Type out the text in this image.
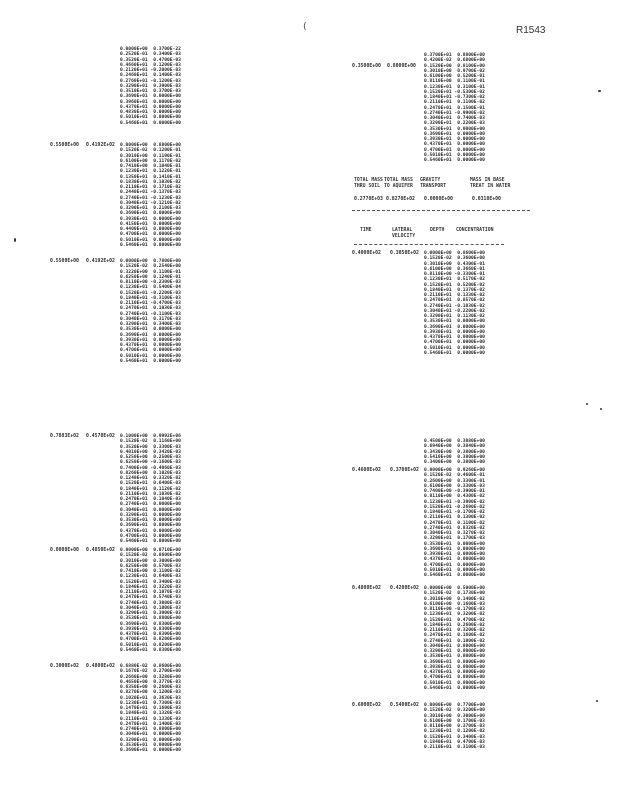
R1543
(
0.0000E+00  0.3700E-22
0.2520E-01  0.3400E-03
0.3520E-01  0.4700E-03
0.4660E+01  0.1200E-03
0.2120E+01 -0.2000E-03
0.2460E+01  0.1400E-03
0.2760E+01 -0.1200E-03
0.3290E+01  0.3900E-03
0.3510E+01  0.3700E-03
0.3690E+01  0.0000E+00
0.3960E+01  0.0000E+00
0.4370E+01  0.0000E+00
0.4830E+01  0.0000E+00
0.5010E+01  0.0000E+00
0.5460E+01  0.0000E+00
0.5500E+00 0.4192E+02 0.0000E+00  0.8800E+00
0.1520E-02  0.1200E-01
0.3010E+00  0.1190E-01
0.6100E+00  0.1170E-02
0.7410E+00  0.1040E-01
0.1230E+01  0.1220E-01
0.1350E+01  0.1410E-01
0.1830E+01  0.1030E-02
0.2110E+01  0.1710E-02
0.2440E+01 -0.1370E-03
0.2740E+01 -0.1230E-03
0.3040E+01 -0.1210E-02
0.3290E+01  0.2100E-03
0.3690E+01  0.0000E+00
0.3930E+01  0.0000E+00
0.4150E+01  0.0000E+00
0.4400E+01  0.0000E+00
0.4700E+01  0.0000E+00
0.5010E+01  0.0000E+00
0.5460E+01  0.0000E+00
0.5500E+00 0.4192E+02 0.0000E+00  0.7800E+00
0.1520E-02  0.2540E+00
0.3220E+00  0.1100E-01
0.6250E+00  0.1240E-01
0.8110E+00 -0.2300E-03
0.1230E+01  0.5400E-04
0.1520E+01 -0.2200E-03
0.1840E+01 -0.3100E-03
0.2110E+01 -0.4700E-03
0.2470E+01  0.1030E-03
0.2740E+01 -0.1100E-03
0.3040E+01  0.3170E-03
0.3290E+01  0.3400E-03
0.3530E+01  0.0000E+00
0.3690E+01  0.0000E+00
0.3930E+01  0.0000E+00
0.4370E+01  0.0000E+00
0.4700E+01  0.0000E+00
0.5010E+01  0.0000E+00
0.5460E+01  0.0000E+00
0.7883E+02 0.4570E+02 0.1000E+00  0.9992E+06
0.1520E-02  0.1160E+00
0.3520E+00  0.3300E-03
0.4010E+00  0.3420E-03
0.5250E+00  0.2500E-03
0.6250E+00 -0.1600E-03
0.7400E+00 -0.4060E-03
0.8260E+00  0.1020E-03
0.1240E+01  0.3320E-02
0.1520E+01  0.6400E-03
0.1840E+01  0.1120E-02
0.2110E+01  0.1030E-02
0.2470E+01  0.1040E-03
0.2740E+01  0.0000E+00
0.3040E+01  0.0000E+00
0.3290E+01  0.0000E+00
0.3530E+01  0.0000E+00
0.3690E+01  0.0000E+00
0.4370E+01  0.0000E+00
0.4700E+01  0.0000E+00
0.5460E+01  0.0000E+00
0.0000E+00 0.4850E+02 0.0000E+00  0.0710E+00
0.1520E-02  0.8600E+00
0.3010E+00  0.3000E+00
0.6250E+00  0.5700E-03
0.7410E+00  0.1100E-02
0.1230E+01  0.6400E-03
0.1520E+01  0.3400E-03
0.1840E+01  0.3220E-03
0.2110E+01  0.1070E-03
0.2470E+01  0.5740E-03
0.2740E+01  0.3000E-03
0.3040E+01  0.1000E-03
0.3290E+01  0.3900E-03
0.3530E+01  0.8800E+00
0.3690E+01  0.8300E+00
0.3930E+01  0.8300E+00
0.4370E+01  0.8300E+00
0.4700E+01  0.8200E+00
0.5010E+01  0.8200E+00
0.5460E+01  0.8300E+00
0.3000E+02 0.4800E+02 0.6880E-02  0.8600E+00
0.1670E-02  0.2700E+00
0.2660E+00  0.3280E+00
0.4650E+00  0.3770E-03
0.6350E+00  0.2600E-03
0.8270E+00  0.1200E-03
0.1020E+01  0.3630E-03
0.1230E+01  0.7300E-03
0.1470E+01  0.1600E-03
0.1840E+01  0.1320E-03
0.2110E+01  0.1330E-03
0.2470E+01  0.1400E-03
0.2740E+01  0.8800E+00
0.3040E+01  0.0000E+00
0.3290E+01  0.0000E+00
0.3530E+01  0.0000E+00
0.3690E+01  0.0000E+00
0.3500E+00 0.8000E+00
0.3700E+01  0.8800E+00
0.4200E-02  0.6800E+00
0.1520E+00  0.8100E+00
0.3010E+00  0.9700E-02
0.6100E+00  0.5200E-01
0.8110E+00  0.1100E-01
0.1230E+01  0.3100E-01
0.1520E+01 -0.5300E-02
0.1840E+01 -0.7300E-02
0.2110E+01  0.1100E-02
0.2470E+01  0.1500E-01
0.2740E+01 -0.9900E-02
0.3040E+01  0.7400E-03
0.3290E+01  0.2200E-03
0.3530E+01  0.0000E+00
0.3690E+01  0.0000E+00
0.3930E+01  0.0000E+00
0.4370E+01  0.0000E+00
0.4700E+01  0.0000E+00
0.5010E+01  0.0000E+00
0.5460E+01  0.0000E+00
TOTAL MASS
THRU SOIL
TOTAL MASS
TO AQUIFER
GRAVITY
TRANSPORT
MASS IN BASE
TREAT IN WATER
0.2770E+03 0.8270E+02 0.0000E+00	0.0310E+00
TIME	LATERAL
VELOCITY
DEPTH CONCENTRATION
0.4000E+02 0.3050E+02 0.0000E+00  0.8600E+00
0.1520E-02  0.3600E+00
0.3010E+00  0.4300E-01
0.6100E+00  0.3660E-01
0.8110E+00 -0.3300E-01
0.1230E+01  0.5170E-02
0.1520E+01  0.5200E-02
0.1840E+01  0.1370E-02
0.2110E+01  0.1330E-02
0.2470E+01  0.8570E-02
0.2740E+01 -0.1030E-02
0.3040E+01 -0.2200E-02
0.3290E+01  0.1130E-02
0.3530E+01  0.0000E+00
0.3690E+01  0.0000E+00
0.3930E+01  0.0000E+00
0.4370E+01  0.0000E+00
0.4700E+01  0.0000E+00
0.5010E+01  0.0000E+00
0.5460E+01  0.0000E+00
0.4500E+00  0.3880E+00
0.6940E+00  0.3840E+00
0.3430E+00  0.3800E+00
0.5410E+00  0.3800E+00
0.3400E+00  0.3800E+00
0.4600E+02 0.3700E+02 0.0000E+00  0.9260E+00
0.1520E-02  0.4600E-01
0.2600E+00  0.3300E-01
0.6100E+00  0.3300E-03
0.7400E+00 -0.3900E-01
0.8110E+00  0.4300E-02
0.1230E+01 -0.3900E-02
0.1520E+01 -0.2690E-02
0.1840E+01 -0.1700E-02
0.2110E+01  0.1300E-02
0.2470E+01  0.1100E-02
0.2740E+01  0.8320E-02
0.3040E+01  0.3270E-02
0.3290E+01  0.1700E-03
0.3530E+01  0.0000E+00
0.3690E+01  0.0000E+00
0.3930E+01  0.0000E+00
0.4370E+01  0.0000E+00
0.4700E+01  0.0000E+00
0.5010E+01  0.0000E+00
0.5460E+01  0.0000E+00
0.4800E+02 0.4200E+02 0.0000E+00  0.5000E+00
0.1520E-02  0.1730E+00
0.3010E+00  0.1400E-02
0.6100E+00  0.1600E-03
0.8110E+00 -0.1700E-03
0.1230E+01  0.3200E-02
0.1520E+01  0.4700E-02
0.1840E+01  0.2600E-02
0.2110E+01  0.3200E-02
0.2470E+01  0.1600E-02
0.2740E+01  0.1000E-02
0.3040E+01  0.8000E+00
0.3290E+01  0.8000E+00
0.3530E+01  0.8000E+00
0.3690E+01  0.8000E+00
0.3930E+01  0.8000E+00
0.4370E+01  0.8000E+00
0.4700E+01  0.8000E+00
0.5010E+01  0.8000E+00
0.5460E+01  0.8000E+00
0.6000E+02 0.5400E+02 0.0000E+00  0.7700E+00
0.1520E-02  0.3200E+00
0.3010E+00  0.3000E+00
0.6100E+00  0.1700E-03
0.8110E+00  0.3700E-03
0.1230E+01  0.1200E-02
0.1520E+01  0.3400E-03
0.1840E+01  0.4700E-03
0.2110E+01  0.3100E-03
